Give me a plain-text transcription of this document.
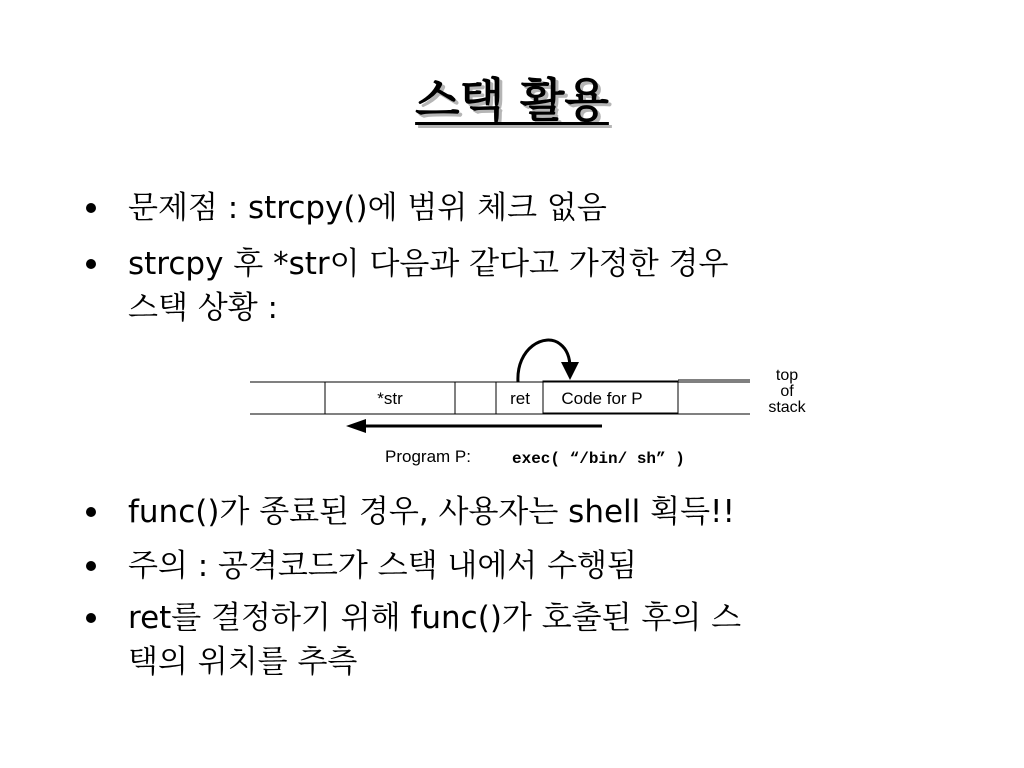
스택 활용
문제점 : strcpy()에 범위 체크 없음
strcpy 후 *str이 다음과 같다고 가정한 경우
스택 상황 :
func()가 종료된 경우, 사용자는 shell 획득!!
주의 : 공격코드가 스택 내에서 수행됨
ret를 결정하기 위해 func()가 호출된 후의 스
택의 위치를 추측
*str	ret Code for P
top
of
stack
Program P:	exec( “/bin/ sh” )
